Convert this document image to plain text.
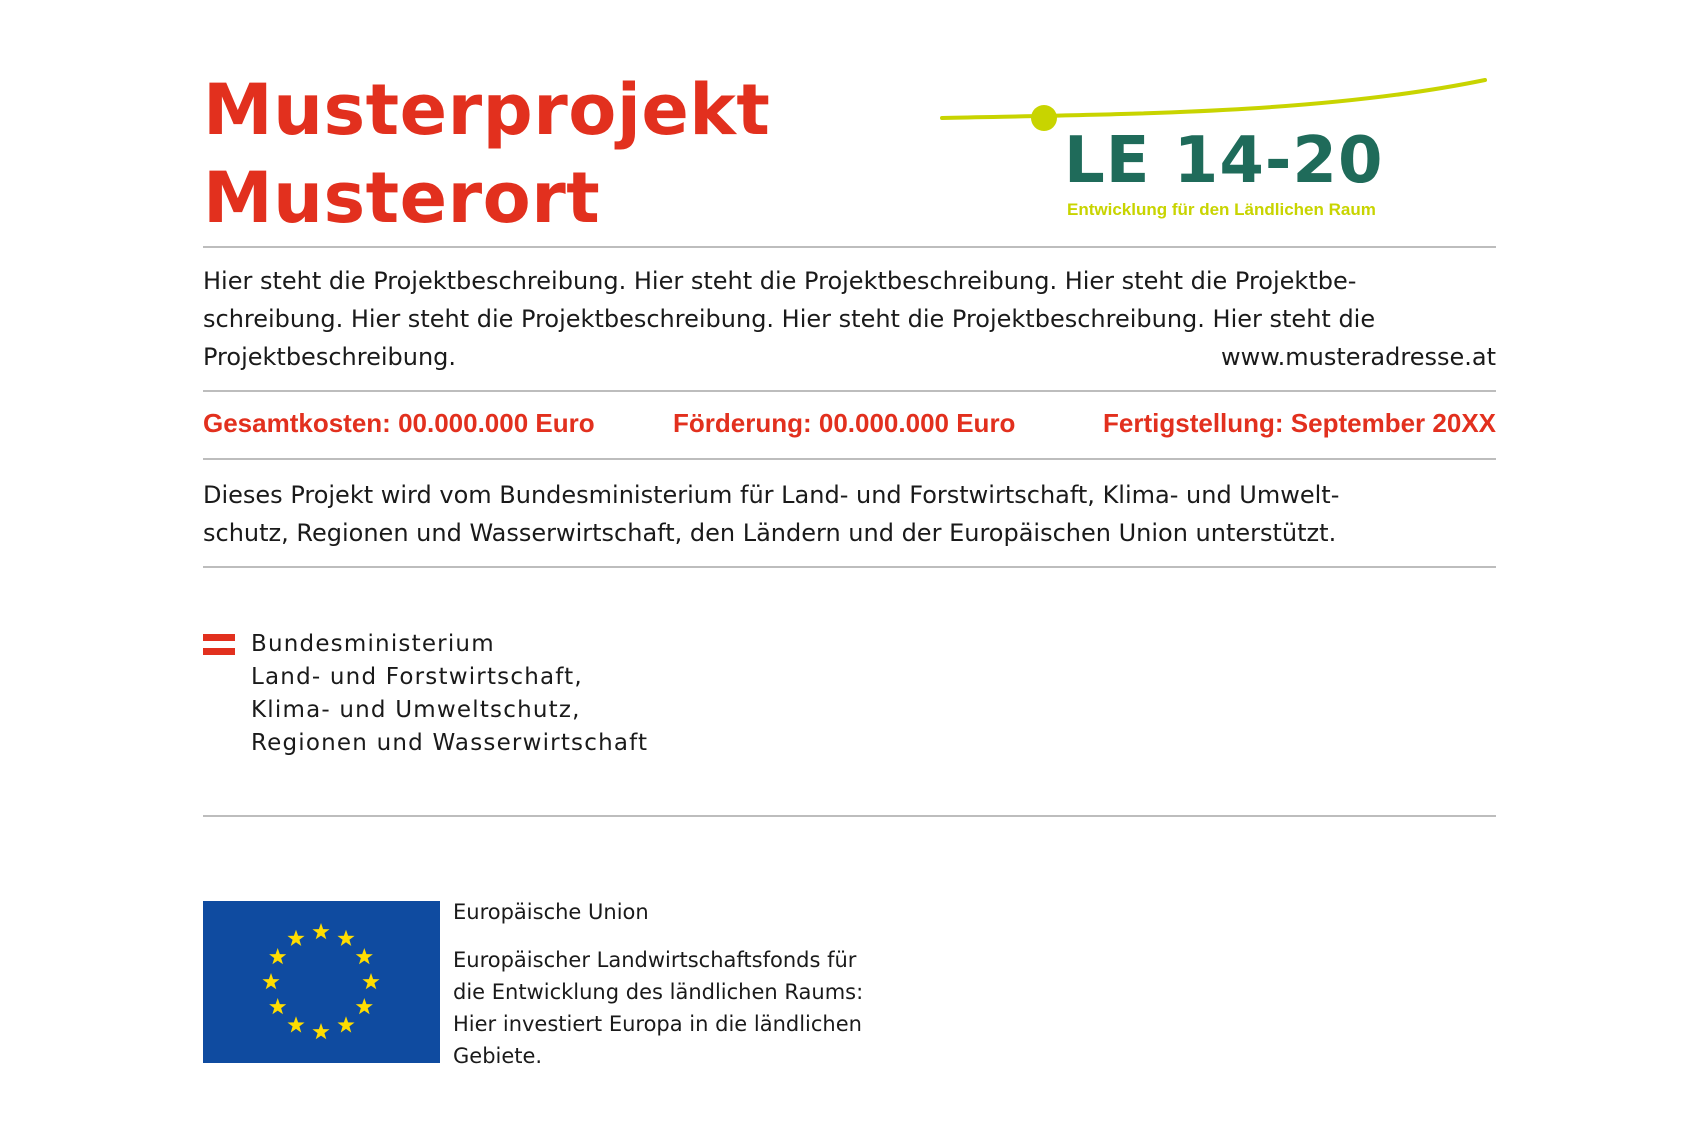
Musterprojekt
Musterort	LE 14-20
Entwicklung für den Ländlichen Raum
Hier steht die Projektbeschreibung. Hier steht die Projektbeschreibung. Hier steht die Projektbe-
schreibung. Hier steht die Projektbeschreibung. Hier steht die Projektbeschreibung. Hier steht die
Projektbeschreibung.	www.musteradresse.at
Gesamtkosten: 00.000.000 Euro	Förderung: 00.000.000 Euro	Fertigstellung: September 20XX
Dieses Projekt wird vom Bundesministerium für Land- und Forstwirtschaft, Klima- und Umwelt-
schutz, Regionen und Wasserwirtschaft, den Ländern und der Europäischen Union unterstützt.
Bundesministerium
Land- und Forstwirtschaft,
Klima- und Umweltschutz,
Regionen und Wasserwirtschaft
Europäische Union
Europäischer Landwirtschaftsfonds für
die Entwicklung des ländlichen Raums:
Hier investiert Europa in die ländlichen
Gebiete.
